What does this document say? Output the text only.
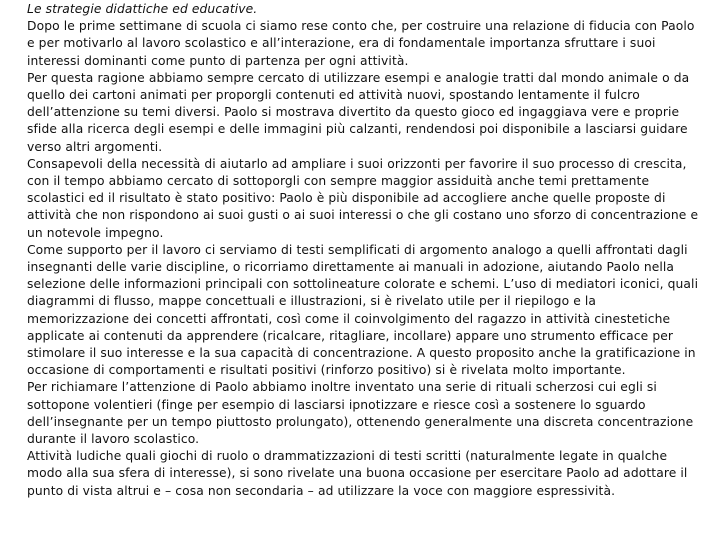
Le strategie didattiche ed educative.

Dopo le prime settimane di scuola ci siamo rese conto che, per costruire una relazione di fiducia con Paolo e per motivarlo al lavoro scolastico e all’interazione, era di fondamentale importanza sfruttare i suoi interessi dominanti come punto di partenza per ogni attività.

Per questa ragione abbiamo sempre cercato di utilizzare esempi e analogie tratti dal mondo animale o da quello dei cartoni animati per proporgli contenuti ed attività nuovi, spostando lentamente il fulcro dell’attenzione su temi diversi. Paolo si mostrava divertito da questo gioco ed ingaggiava vere e proprie sfide alla ricerca degli esempi e delle immagini più calzanti, rendendosi poi disponibile a lasciarsi guidare verso altri argomenti.

Consapevoli della necessità di aiutarlo ad ampliare i suoi orizzonti per favorire il suo processo di crescita, con il tempo abbiamo cercato di sottoporgli con sempre maggior assiduità anche temi prettamente scolastici ed il risultato è stato positivo: Paolo è più disponibile ad accogliere anche quelle proposte di attività che non rispondono ai suoi gusti o ai suoi interessi o che gli costano uno sforzo di concentrazione e un notevole impegno.

Come supporto per il lavoro ci serviamo di testi semplificati di argomento analogo a quelli affrontati dagli insegnanti delle varie discipline, o ricorriamo direttamente ai manuali in adozione, aiutando Paolo nella selezione delle informazioni principali con sottolineature colorate e schemi. L’uso di mediatori iconici, quali diagrammi di flusso, mappe concettuali e illustrazioni, si è rivelato utile per il riepilogo e la memorizzazione dei concetti affrontati, così come il coinvolgimento del ragazzo in attività cinestetiche applicate ai contenuti da apprendere (ricalcare, ritagliare, incollare) appare uno strumento efficace per stimolare il suo interesse e la sua capacità di concentrazione. A questo proposito anche la gratificazione in occasione di comportamenti e risultati positivi (rinforzo positivo) si è rivelata molto importante.

Per richiamare l’attenzione di Paolo abbiamo inoltre inventato una serie di rituali scherzosi cui egli si sottopone volentieri (finge per esempio di lasciarsi ipnotizzare e riesce così a sostenere lo sguardo dell’insegnante per un tempo piuttosto prolungato), ottenendo generalmente una discreta concentrazione durante il lavoro scolastico.

Attività ludiche quali giochi di ruolo o drammatizzazioni di testi scritti (naturalmente legate in qualche modo alla sua sfera di interesse), si sono rivelate una buona occasione per esercitare Paolo ad adottare il punto di vista altrui e – cosa non secondaria – ad utilizzare la voce con maggiore espressività.
